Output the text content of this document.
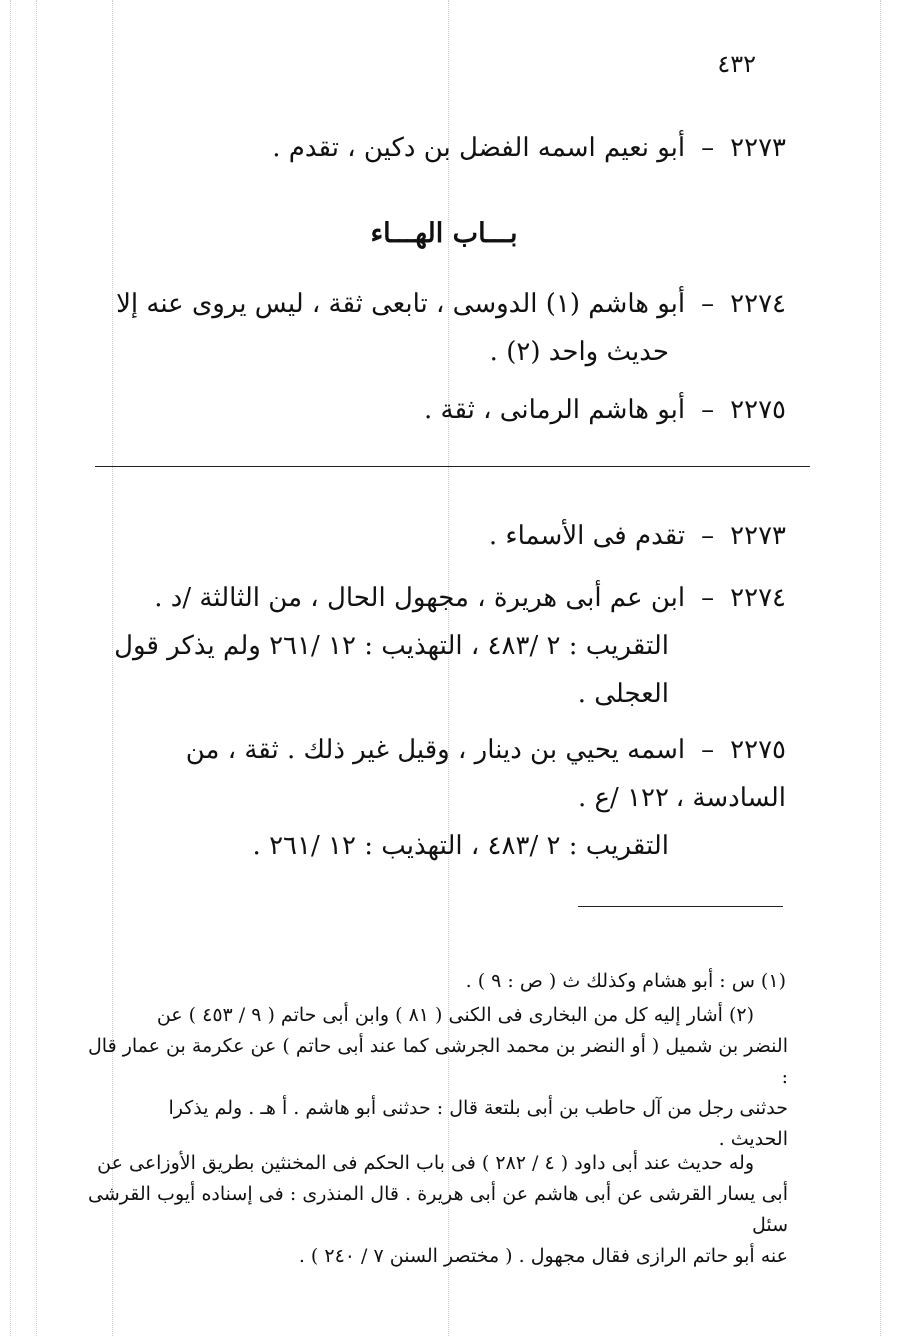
٤٣٢
٢٢٧٣–أبو نعيم اسمه الفضل بن دكين ، تقدم .
بـــاب الهـــاء
٢٢٧٤–أبو هاشم (١) الدوسى ، تابعى ثقة ، ليس يروى عنه إلا
حديث واحد (٢) .
٢٢٧٥–أبو هاشم الرمانى ، ثقة .
٢٢٧٣–تقدم فى الأسماء .
٢٢٧٤–ابن عم أبى هريرة ، مجهول الحال ، من الثالثة /د .
التقريب : ٢ /٤٨٣ ، التهذيب : ١٢ /٢٦١ ولم يذكر قول
العجلى .
٢٢٧٥–اسمه يحيي بن دينار ، وقيل غير ذلك . ثقة ، من السادسة ،
١٢٢ /ع .
التقريب : ٢ /٤٨٣ ، التهذيب : ١٢ /٢٦١ .
(١) س : أبو هشام وكذلك ث ( ص : ٩ ) .
(٢) أشار إليه كل من البخارى فى الكنى ( ٨١ ) وابن أبى حاتم ( ٩ / ٤٥٣ ) عن
النضر بن شميل ( أو النضر بن محمد الجرشى كما عند أبى حاتم ) عن عكرمة بن عمار قال :
حدثنى رجل من آل حاطب بن أبى بلتعة قال : حدثنى أبو هاشم . أ هـ . ولم يذكرا
الحديث .
وله حديث عند أبى داود ( ٤ / ٢٨٢ ) فى باب الحكم فى المخنثين بطريق الأوزاعى عن
أبى يسار القرشى عن أبى هاشم عن أبى هريرة . قال المنذرى : فى إسناده أيوب القرشى سئل
عنه أبو حاتم الرازى فقال مجهول . ( مختصر السنن ٧ / ٢٤٠ ) .
